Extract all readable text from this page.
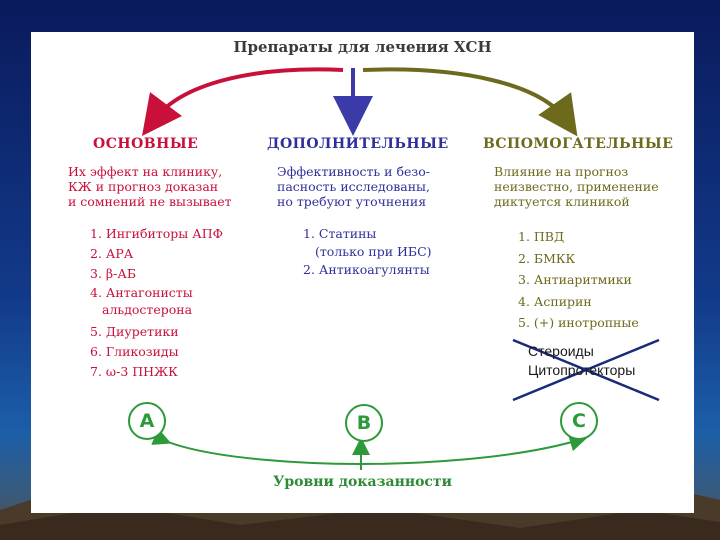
Препараты для лечения ХСН
ОСНОВНЫЕ
Их эффект на клинику,
КЖ и прогноз доказан
и сомнений не вызывает
1. Ингибиторы АПФ
2. АРА
3. β-АБ
4. Антагонисты
альдостерона
5. Диуретики
6. Гликозиды
7. ω-3 ПНЖК
ДОПОЛНИТЕЛЬНЫЕ
Эффективность и безо-
пасность исследованы,
но требуют уточнения
1. Статины
(только при ИБС)
2. Антикоагулянты
ВСПОМОГАТЕЛЬНЫЕ
Влияние на прогноз
неизвестно, применение
диктуется клиникой
1. ПВД
2. БМКК
3. Антиаритмики
4. Аспирин
5. (+) инотропные
Стероиды
Цитопротекторы
A	B	C
Уровни доказанности
